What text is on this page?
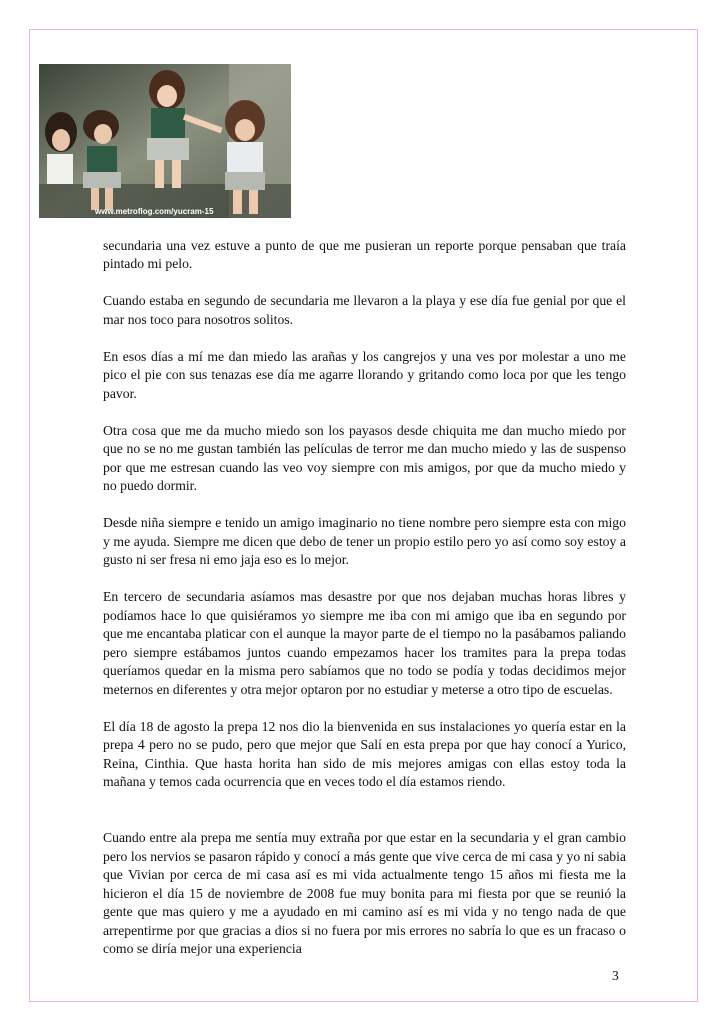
www.metroflog.com/yucram-15

secundaria una vez estuve a punto de que me pusieran un reporte porque pensaban que traía pintado mi pelo.

Cuando estaba en segundo de secundaria me llevaron a la playa y ese día fue genial por que el mar nos toco para nosotros solitos.

En esos días a mí me dan miedo las arañas y los cangrejos y una ves por molestar a uno me pico el pie con sus tenazas ese día me agarre llorando y gritando como loca por que les tengo pavor.

Otra cosa que me da mucho miedo son los payasos desde chiquita me dan mucho miedo por que no se no me gustan también las películas de terror me dan mucho miedo y las de suspenso por que me estresan cuando las veo voy siempre con mis amigos, por que da mucho miedo y no puedo dormir.

Desde niña siempre e tenido un amigo imaginario no tiene nombre pero siempre esta con migo y me ayuda. Siempre me dicen que debo de tener un propio estilo pero yo así como soy estoy a gusto ni ser fresa ni emo jaja eso es lo mejor.

En tercero de secundaria asíamos mas desastre por que nos dejaban muchas horas libres y podíamos hace lo que quisiéramos yo siempre me iba con mi amigo que iba en segundo por que me encantaba platicar con el aunque la mayor parte de el tiempo no la pasábamos paliando pero siempre estábamos juntos cuando empezamos hacer los tramites para la prepa todas queríamos quedar en la misma pero sabíamos que no todo se podía y todas decidimos mejor meternos en diferentes y otra mejor optaron por no estudiar y meterse a otro tipo de escuelas.

El día 18 de agosto la prepa 12 nos dio la bienvenida en sus instalaciones yo quería estar en la prepa 4 pero no se pudo, pero que mejor que Salí en esta prepa por que hay conocí a Yurico, Reina, Cinthia. Que hasta horita han sido de mis mejores amigas con ellas estoy toda la mañana y temos cada ocurrencia que en veces todo el día estamos riendo.

Cuando entre ala prepa me sentía muy extraña por que estar en la secundaria y el gran cambio pero los nervios se pasaron rápido y conocí a más gente que vive cerca de mi casa y yo ni sabia que Vivian por cerca de mi casa así es mi vida actualmente tengo 15 años mi fiesta me la hicieron el día 15 de noviembre de 2008 fue muy bonita para mi fiesta por que se reunió la gente que mas quiero y me a ayudado en mi camino así es mi vida y no tengo nada de que arrepentirme por que gracias a dios si no fuera por mis errores no sabría lo que es un fracaso o como se diría mejor una experiencia

3
